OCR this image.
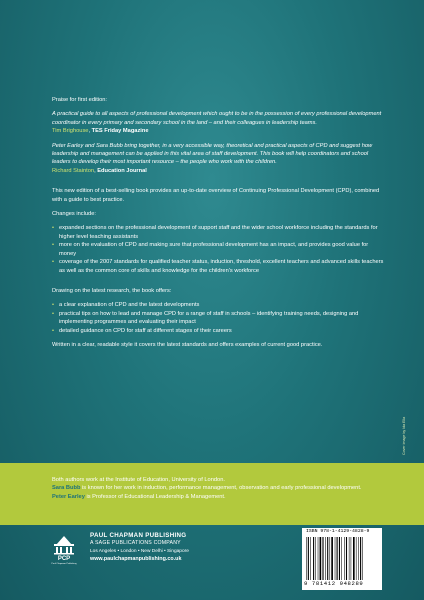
Praise for first edition:

A practical guide to all aspects of professional development which ought to be in the possession of every professional development coordinator in every primary and secondary school in the land – and their colleagues in leadership teams.

Tim Brighouse, TES Friday Magazine

Peter Earley and Sara Bubb bring together, in a very accessible way, theoretical and practical aspects of CPD and suggest how leadership and management can be applied in this vital area of staff development. This book will help coordinators and school leaders to develop their most important resource – the people who work with the children.

Richard Stainton, Education Journal

This new edition of a best-selling book provides an up-to-date overview of Continuing Professional Development (CPD), combined with a guide to best practice.

Changes include:

• expanded sections on the professional development of support staff and the wider school workforce including the standards for higher level teaching assistants
• more on the evaluation of CPD and making sure that professional development has an impact, and provides good value for money
• coverage of the 2007 standards for qualified teacher status, induction, threshold, excellent teachers and advanced skills teachers as well as the common core of skills and knowledge for the children’s workforce

Drawing on the latest research, the book offers:

• a clear explanation of CPD and the latest developments
• practical tips on how to lead and manage CPD for a range of staff in schools – identifying training needs, designing and implementing programmes and evaluating their impact
• detailed guidance on CPD for staff at different stages of their careers

Written in a clear, readable style it covers the latest standards and offers examples of current good practice.

Both authors work at the Institute of Education, University of London.
Sara Bubb is known for her work in induction, performance management, observation and early professional development. Peter Earley is Professor of Educational Leadership & Management.
Cover image by Ida Ella
PCP
Paul Chapman Publishing
PAUL CHAPMAN PUBLISHING
A SAGE PUBLICATIONS COMPANY
Los Angeles • London • New Delhi • Singapore
www.paulchapmanpublishing.co.uk
ISBN 978-1-4129-4828-9
9 781412 948289
